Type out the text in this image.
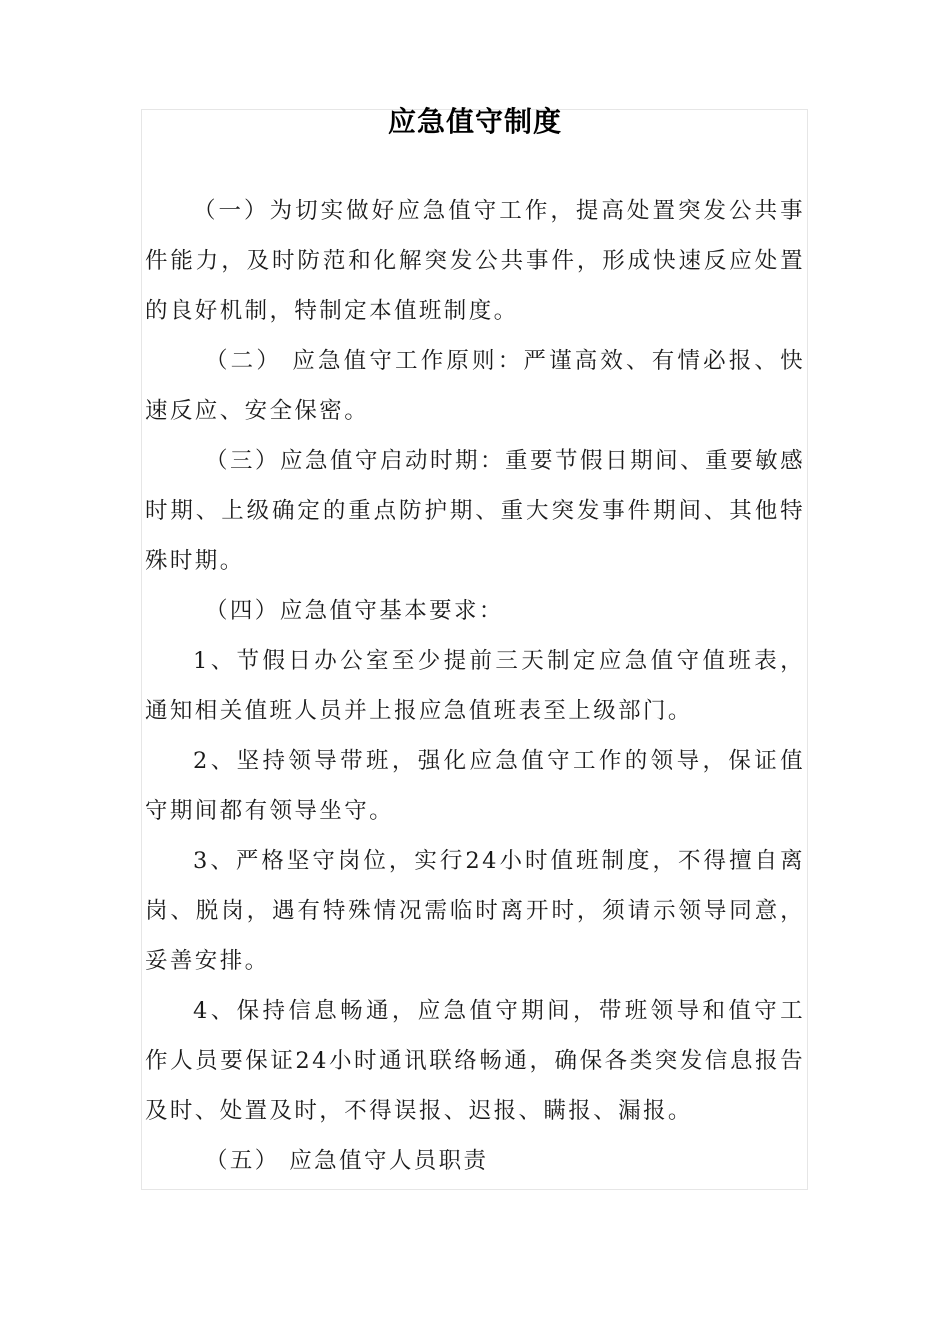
应急值守制度

（一）为切实做好应急值守工作，提高处置突发公共事件能力，及时防范和化解突发公共事件，形成快速反应处置的良好机制，特制定本值班制度。

（二） 应急值守工作原则：严谨高效、有情必报、快速反应、安全保密。

（三）应急值守启动时期：重要节假日期间、重要敏感时期、上级确定的重点防护期、重大突发事件期间、其他特殊时期。

（四）应急值守基本要求：

1、节假日办公室至少提前三天制定应急值守值班表，通知相关值班人员并上报应急值班表至上级部门。

2、坚持领导带班，强化应急值守工作的领导，保证值守期间都有领导坐守。

3、严格坚守岗位，实行24小时值班制度，不得擅自离岗、脱岗，遇有特殊情况需临时离开时，须请示领导同意，妥善安排。

4、保持信息畅通，应急值守期间，带班领导和值守工作人员要保证24小时通讯联络畅通，确保各类突发信息报告及时、处置及时，不得误报、迟报、瞒报、漏报。

（五） 应急值守人员职责
